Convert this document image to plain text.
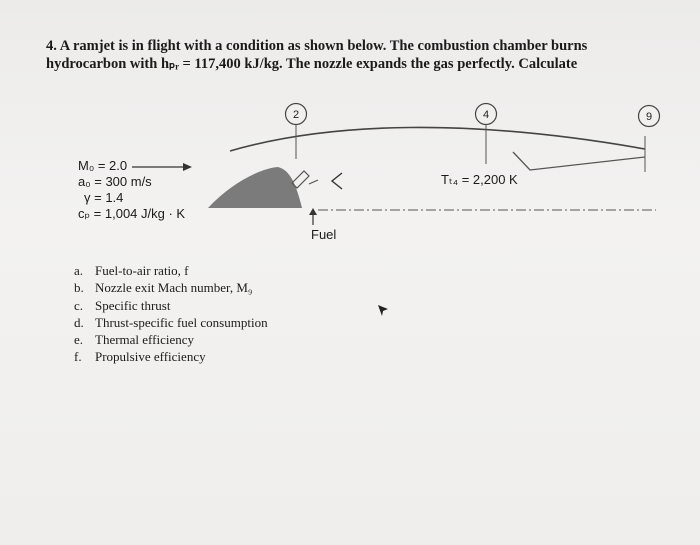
4. A ramjet is in flight with a condition as shown below. The combustion chamber burns
hydrocarbon with hₚᵣ = 117,400 kJ/kg. The nozzle expands the gas perfectly. Calculate
2	4	9
M₀ = 2.0
a₀ = 300 m/s
γ = 1.4
cₚ = 1,004 J/kg · K
Fuel
Tₜ₄ = 2,200 K
a. Fuel-to-air ratio, f
b. Nozzle exit Mach number, M₉
c. Specific thrust
d. Thrust-specific fuel consumption
e. Thermal efficiency
f. Propulsive efficiency
